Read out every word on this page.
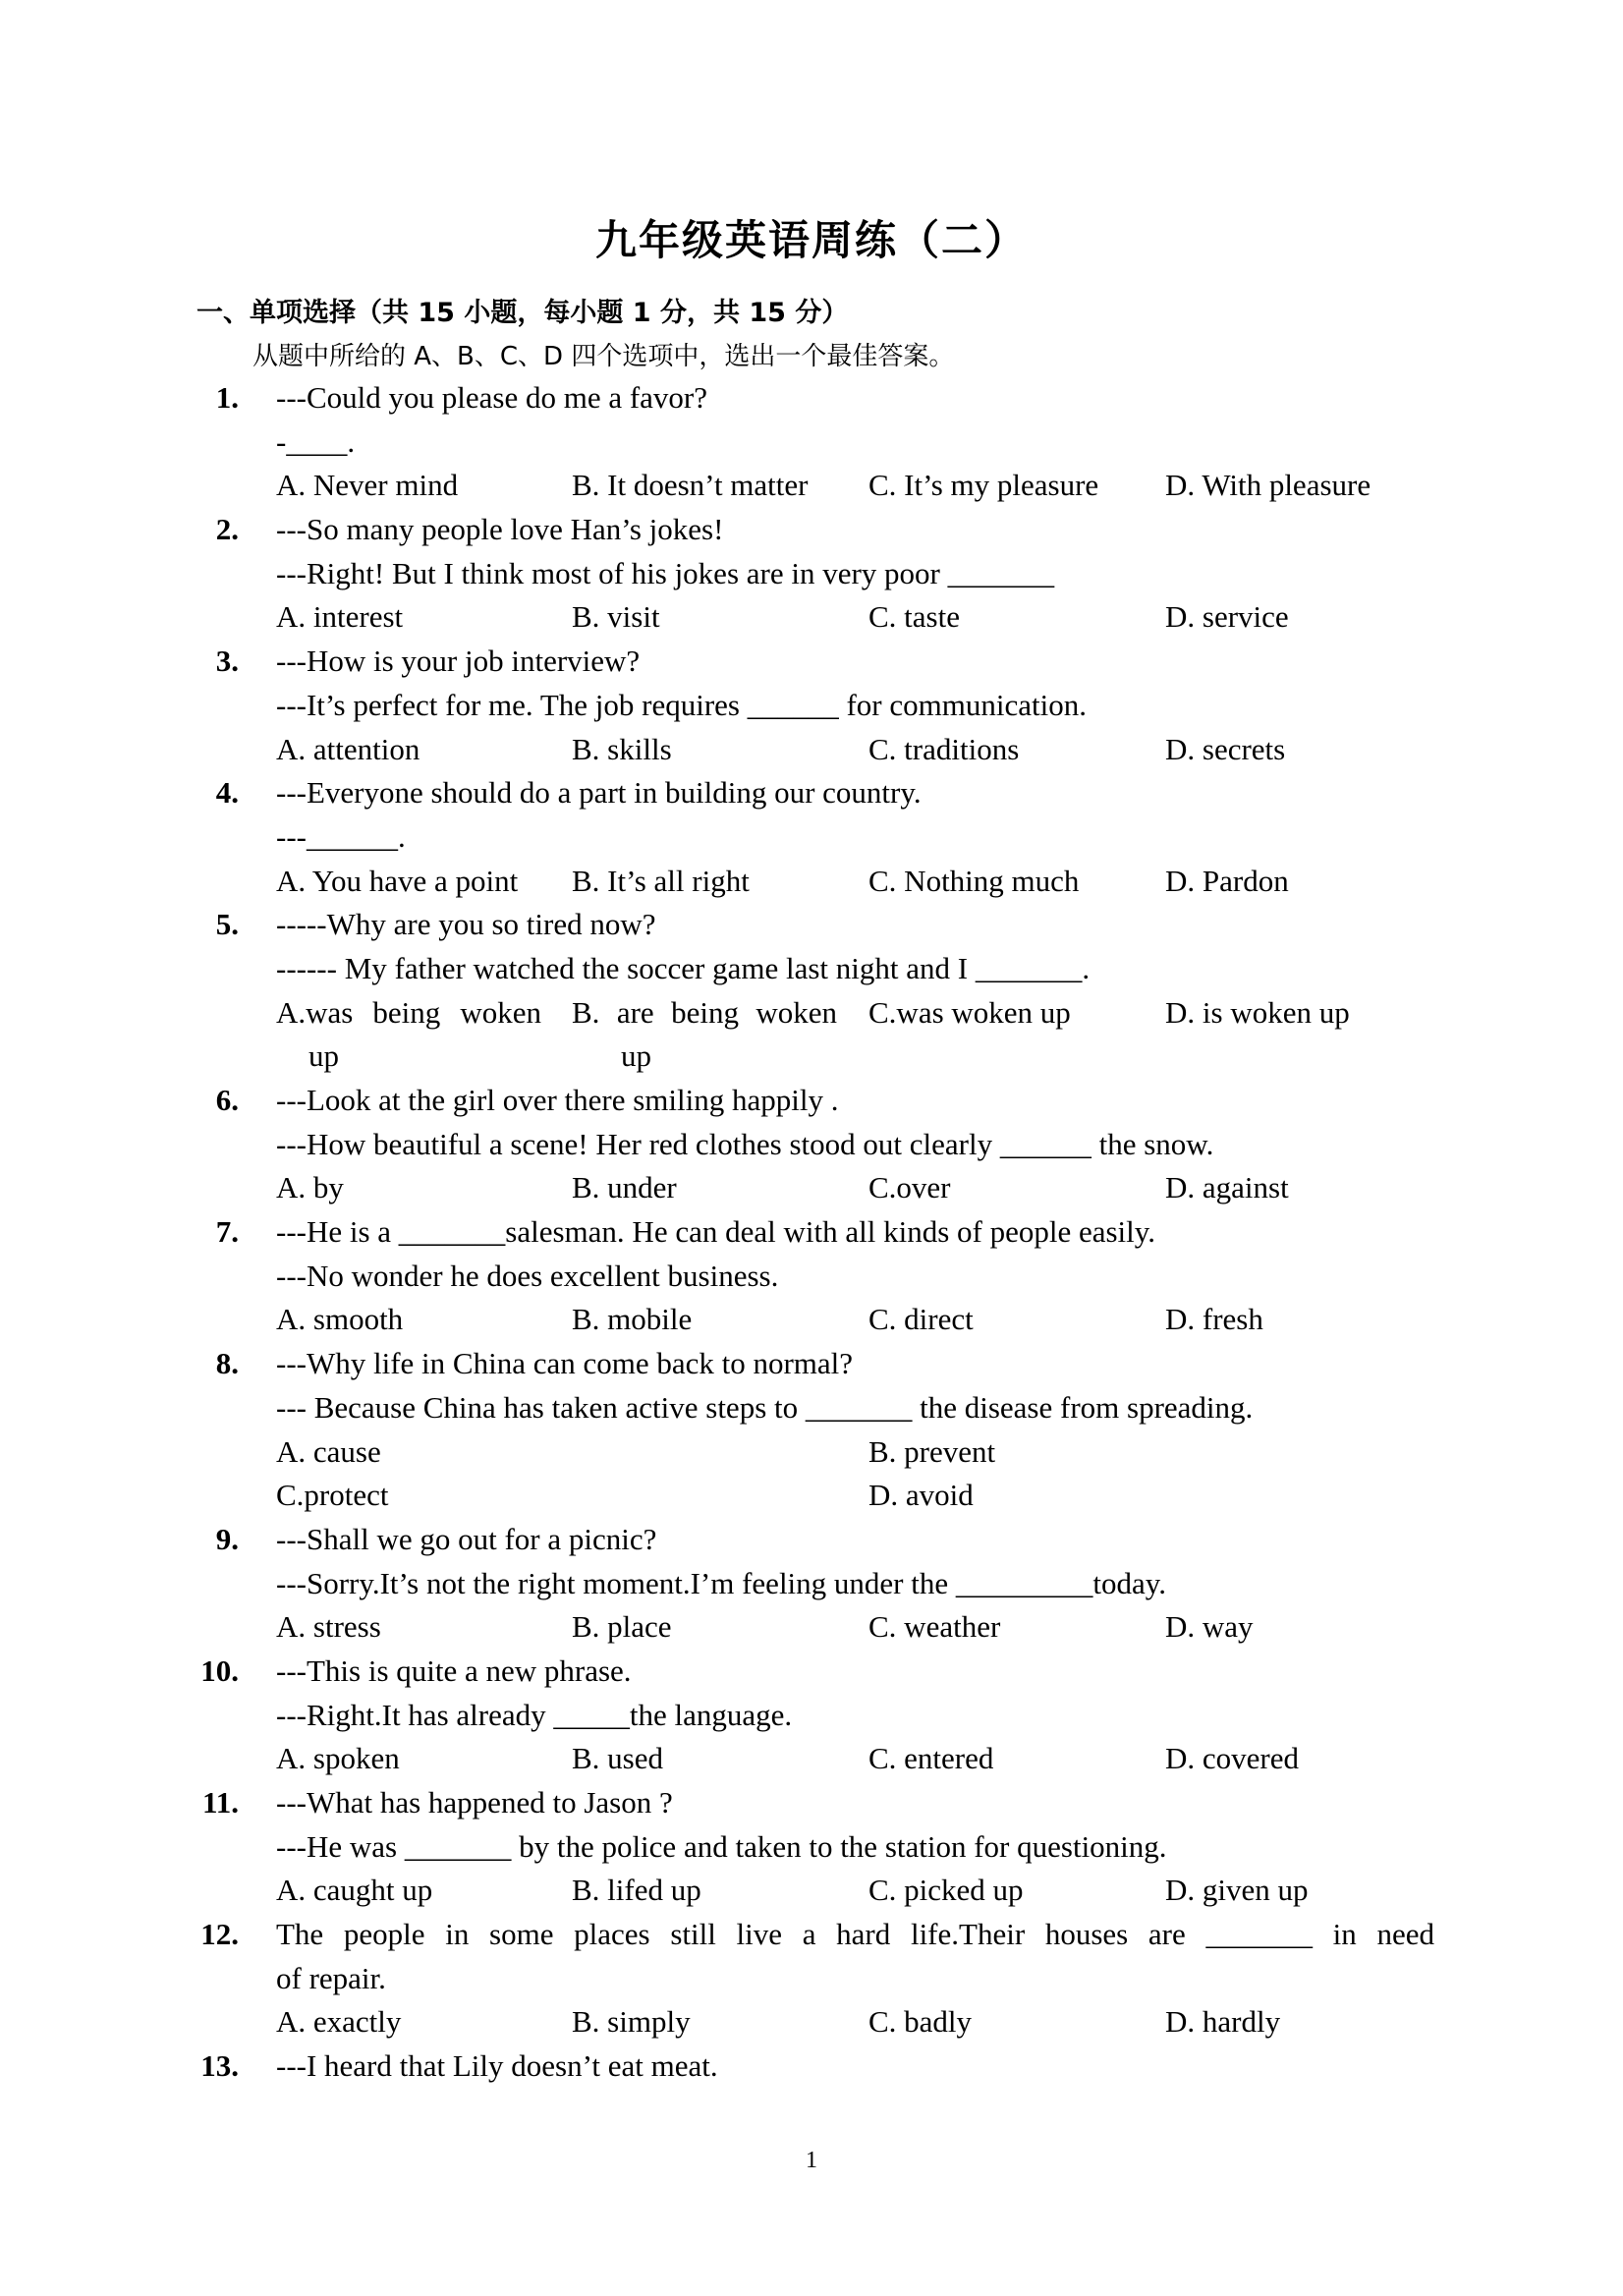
九年级英语周练（二）
一、单项选择（共 15 小题，每小题 1 分，共 15 分）
从题中所给的 A、B、C、D 四个选项中，选出一个最佳答案。
1. ---Could you please do me a favor?
-____.
A. Never mind	B. It doesn’t matter C. It’s my pleasure D. With pleasure
2. ---So many people love Han’s jokes!
---Right! But I think most of his jokes are in very poor _______
A. interest	B. visit	C. taste	D. service
3. ---How is your job interview?
---It’s perfect for me. The job requires ______ for communication.
A. attention	B. skills	C. traditions	D. secrets
4. ---Everyone should do a part in building our country.
---______.
A. You have a point B. It’s all right	C. Nothing much	D. Pardon
5. -----Why are you so tired now?
------ My father watched the soccer game last night and I _______.
A.was being woken B. are being woken C.was woken up	D. is woken up
up	up
6. ---Look at the girl over there smiling happily .
---How beautiful a scene! Her red clothes stood out clearly ______ the snow.
A. by	B. under	C.over	D. against
7. ---He is a _______salesman. He can deal with all kinds of people easily.
---No wonder he does excellent business.
A. smooth	B. mobile	C. direct	D. fresh
8. ---Why life in China can come back to normal?
--- Because China has taken active steps to _______ the disease from spreading.
A. cause	B. prevent
C.protect	D. avoid
9. ---Shall we go out for a picnic?
---Sorry.It’s not the right moment.I’m feeling under the _________today.
A. stress	B. place	C. weather	D. way
10. ---This is quite a new phrase.
---Right.It has already _____the language.
A. spoken	B. used	C. entered	D. covered
11. ---What has happened to Jason ?
---He was _______ by the police and taken to the station for questioning.
A. caught up	B. lifed up	C. picked up	D. given up
12. The people in some places still live a hard life.Their houses are _______ in need
of repair.
A. exactly	B. simply	C. badly	D. hardly
13. ---I heard that Lily doesn’t eat meat.
1
